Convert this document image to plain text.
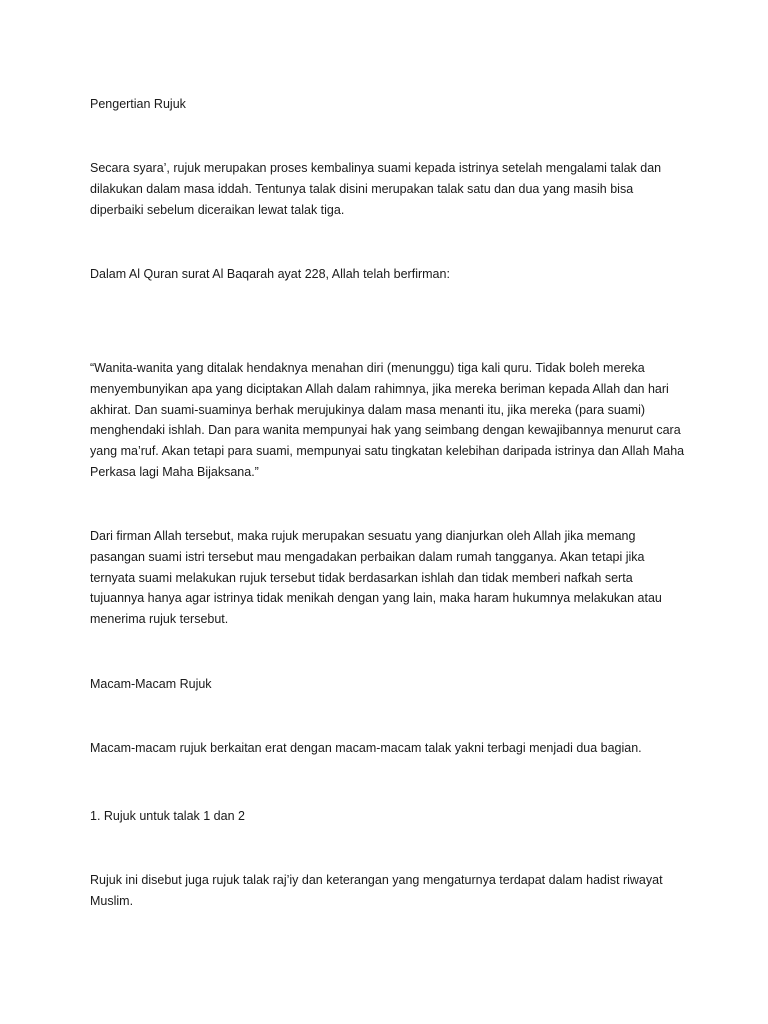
Pengertian Rujuk

Secara syara’, rujuk merupakan proses kembalinya suami kepada istrinya setelah mengalami talak dan dilakukan dalam masa iddah. Tentunya talak disini merupakan talak satu dan dua yang masih bisa diperbaiki sebelum diceraikan lewat talak tiga.

Dalam Al Quran surat Al Baqarah ayat 228, Allah telah berfirman:

“Wanita-wanita yang ditalak hendaknya menahan diri (menunggu) tiga kali quru. Tidak boleh mereka menyembunyikan apa yang diciptakan Allah dalam rahimnya, jika mereka beriman kepada Allah dan hari akhirat. Dan suami-suaminya berhak merujukinya dalam masa menanti itu, jika mereka (para suami) menghendaki ishlah. Dan para wanita mempunyai hak yang seimbang dengan kewajibannya menurut cara yang ma’ruf. Akan tetapi para suami, mempunyai satu tingkatan kelebihan daripada istrinya dan Allah Maha Perkasa lagi Maha Bijaksana.”

Dari firman Allah tersebut, maka rujuk merupakan sesuatu yang dianjurkan oleh Allah jika memang pasangan suami istri tersebut mau mengadakan perbaikan dalam rumah tangganya. Akan tetapi jika ternyata suami melakukan rujuk tersebut tidak berdasarkan ishlah dan tidak memberi nafkah serta tujuannya hanya agar istrinya tidak menikah dengan yang lain, maka haram hukumnya melakukan atau menerima rujuk tersebut.

Macam-Macam Rujuk

Macam-macam rujuk berkaitan erat dengan macam-macam talak yakni terbagi menjadi dua bagian.

1. Rujuk untuk talak 1 dan 2

Rujuk ini disebut juga rujuk talak raj’iy dan keterangan yang mengaturnya terdapat dalam hadist riwayat Muslim.
